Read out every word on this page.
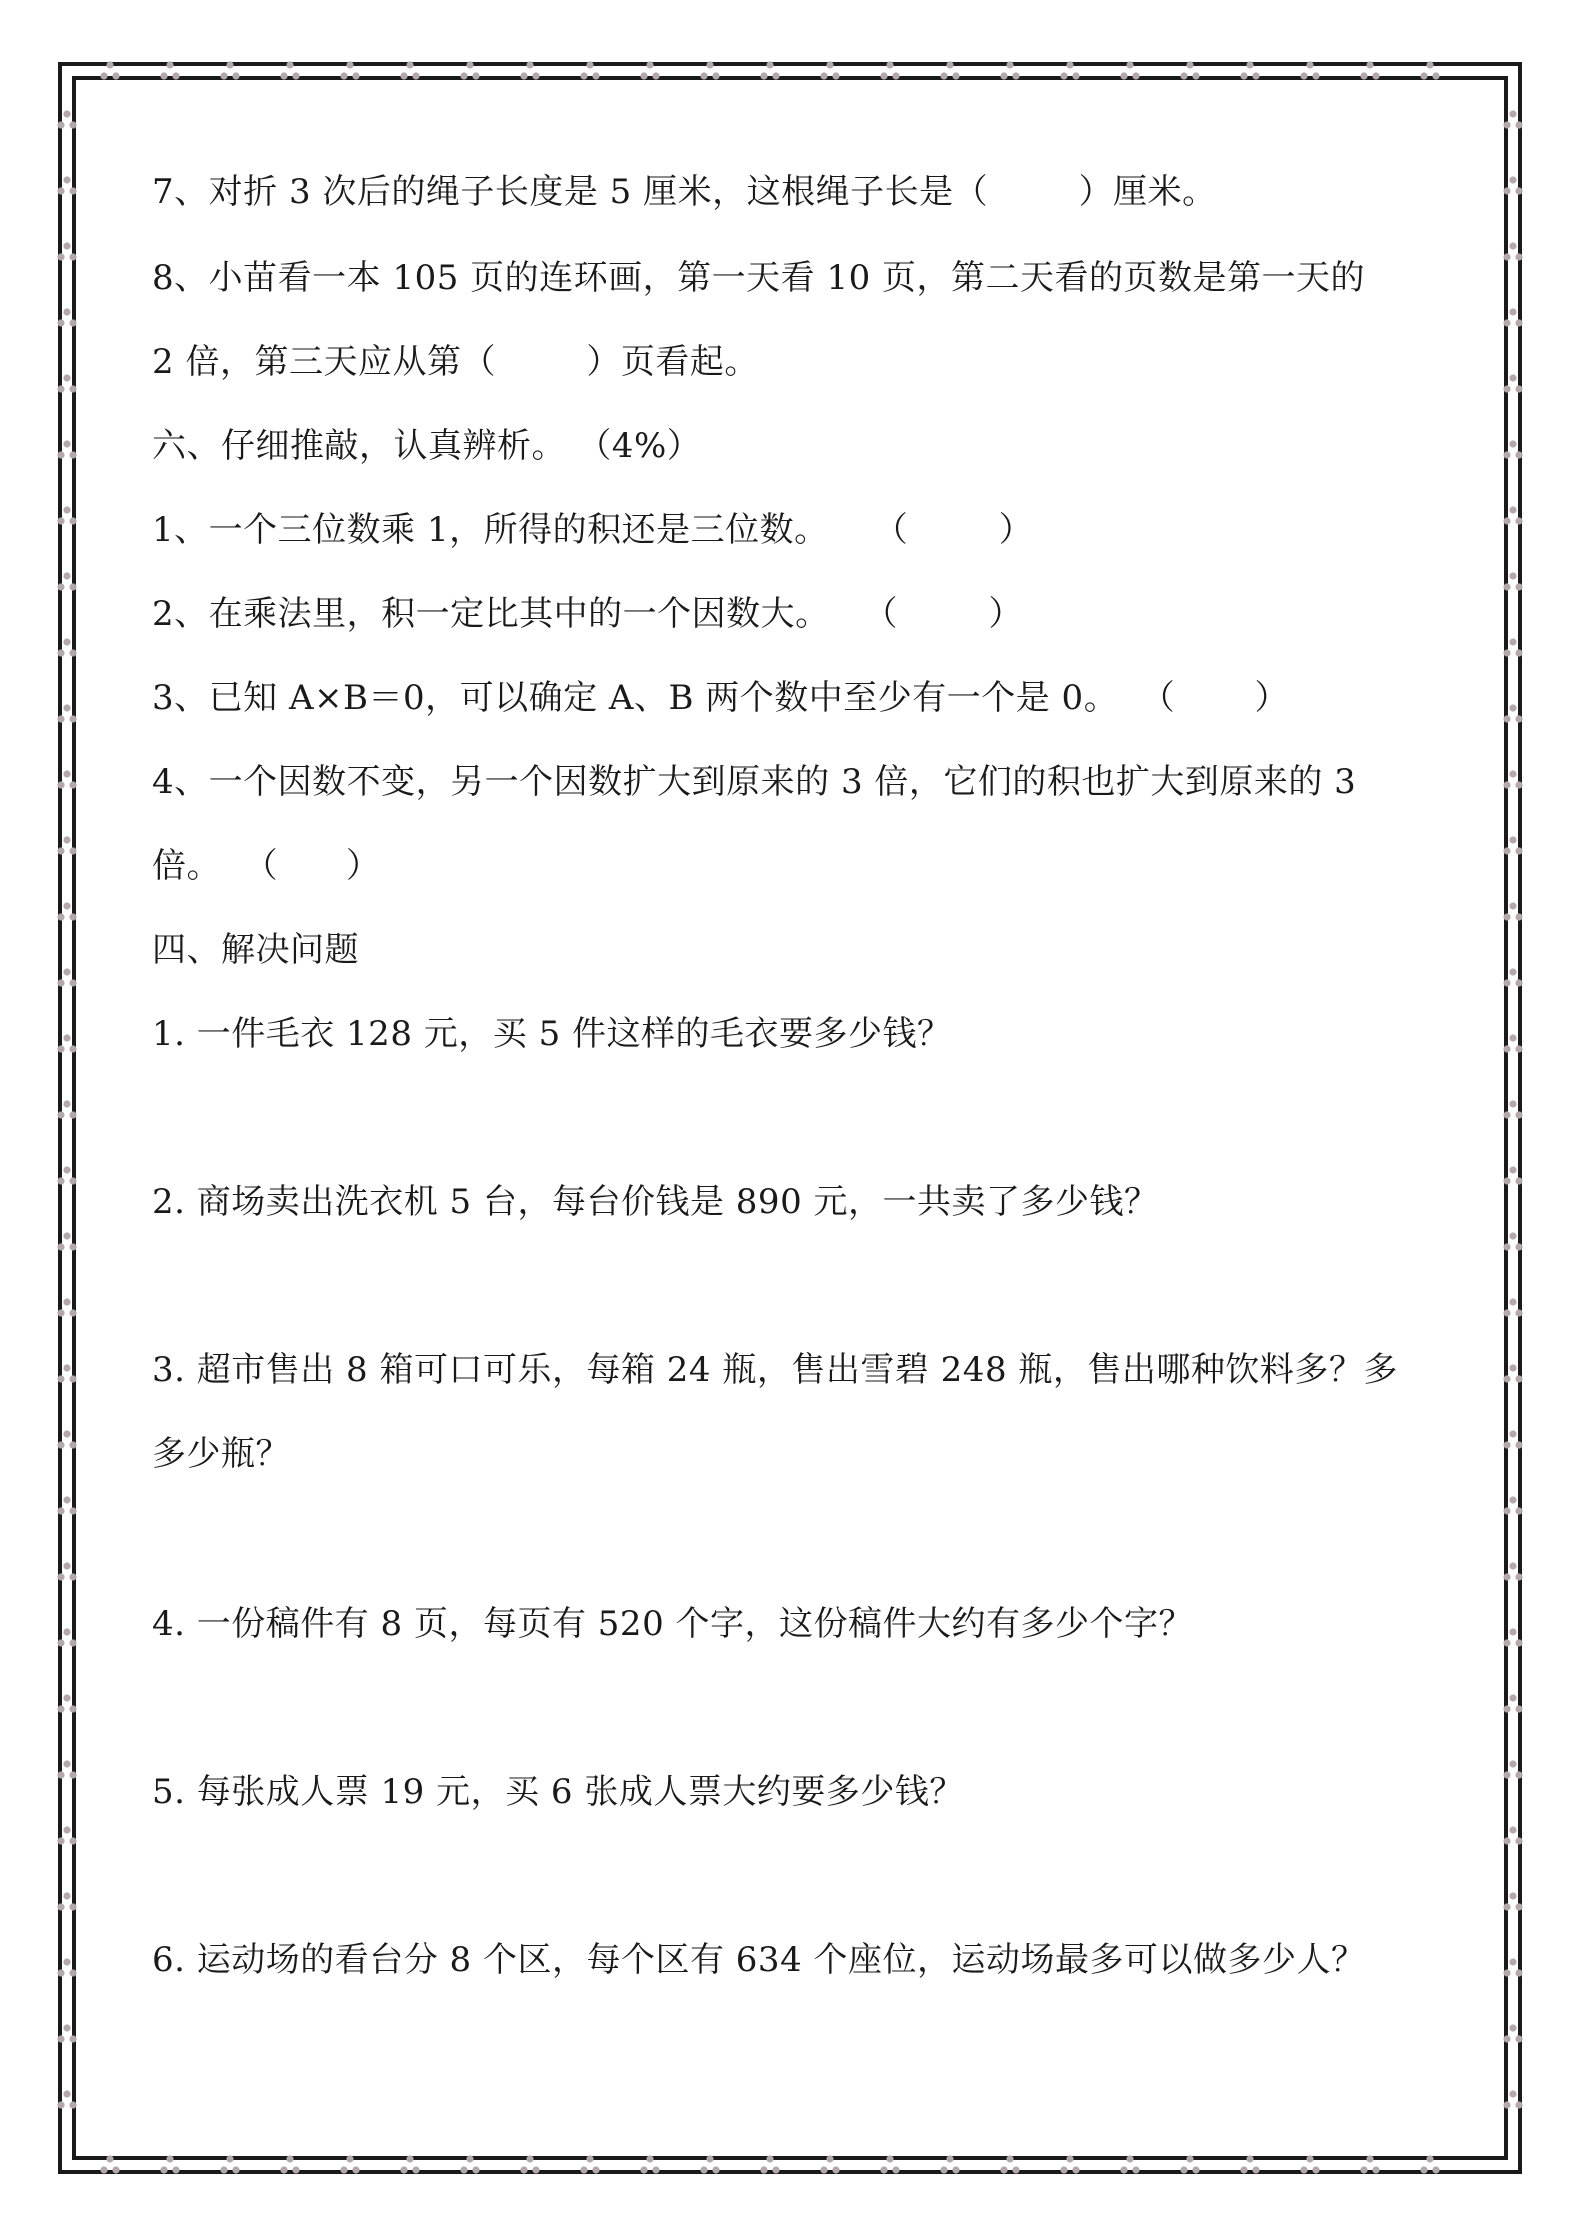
7、对折 3 次后的绳子长度是 5 厘米，这根绳子长是（        ）厘米。
8、小苗看一本 105 页的连环画，第一天看 10 页，第二天看的页数是第一天的
2 倍，第三天应从第（        ）页看起。
六、仔细推敲，认真辨析。 （4%）
1、一个三位数乘 1，所得的积还是三位数。    （        ）
2、在乘法里，积一定比其中的一个因数大。   （        ）
3、已知 A×B＝0，可以确定 A、B 两个数中至少有一个是 0。  （       ）
4、一个因数不变，另一个因数扩大到原来的 3 倍，它们的积也扩大到原来的 3
倍。  （      ）
四、解决问题
1. 一件毛衣 128 元，买 5 件这样的毛衣要多少钱？
2. 商场卖出洗衣机 5 台，每台价钱是 890 元，一共卖了多少钱？
3. 超市售出 8 箱可口可乐，每箱 24 瓶，售出雪碧 248 瓶，售出哪种饮料多？多
多少瓶？
4. 一份稿件有 8 页，每页有 520 个字，这份稿件大约有多少个字？
5. 每张成人票 19 元，买 6 张成人票大约要多少钱？
6. 运动场的看台分 8 个区，每个区有 634 个座位，运动场最多可以做多少人？
